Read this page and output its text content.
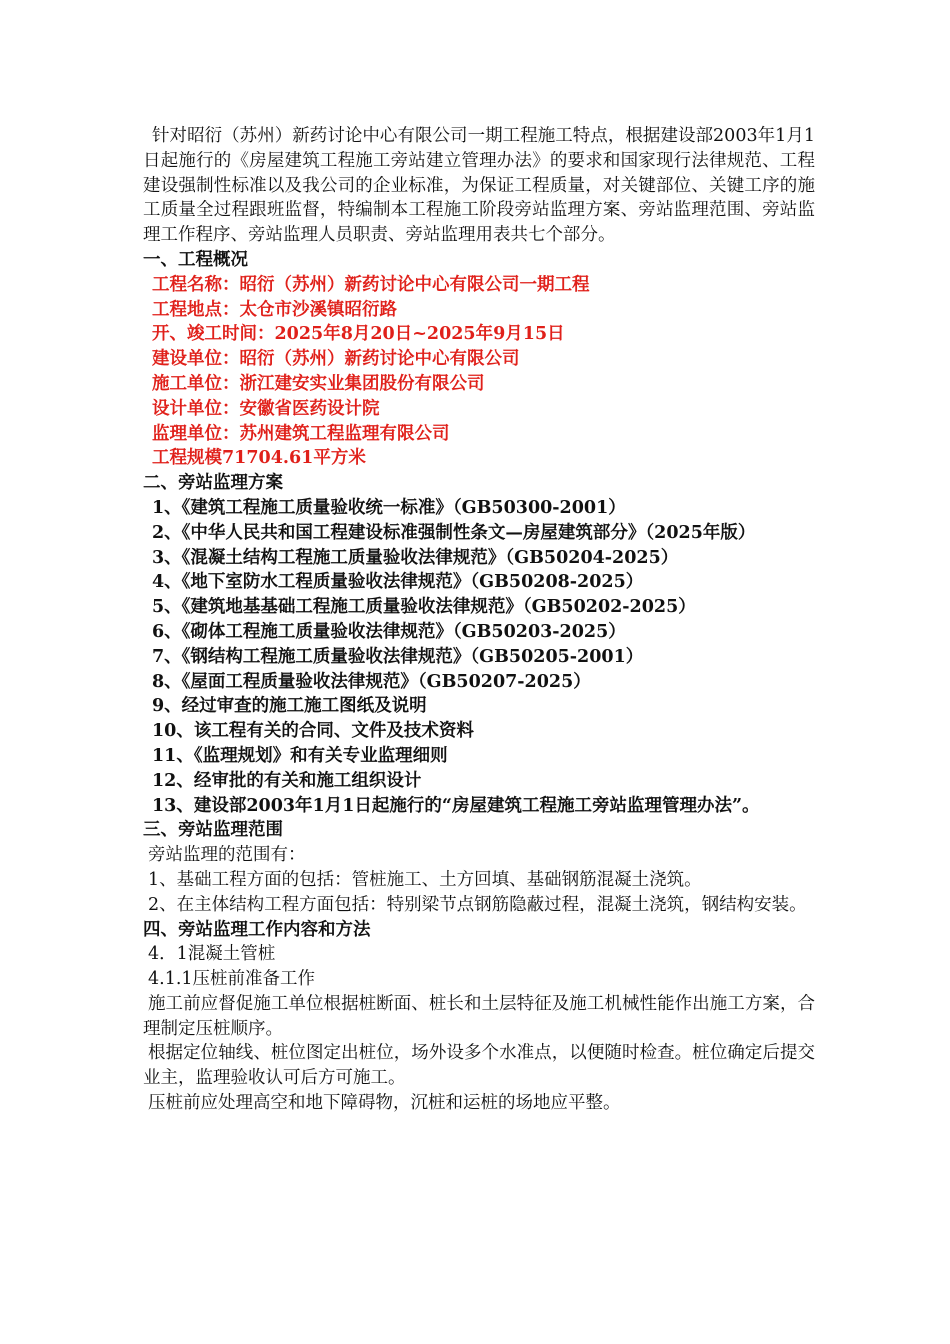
针对昭衍（苏州）新药讨论中心有限公司一期工程施工特点，根据建设部2003年1月1日起施行的《房屋建筑工程施工旁站建立管理办法》的要求和国家现行法律规范、工程建设强制性标准以及我公司的企业标准，为保证工程质量，对关键部位、关键工序的施工质量全过程跟班监督，特编制本工程施工阶段旁站监理方案、旁站监理范围、旁站监理工作程序、旁站监理人员职责、旁站监理用表共七个部分。

一、工程概况

工程名称：昭衍（苏州）新药讨论中心有限公司一期工程

工程地点：太仓市沙溪镇昭衍路

开、竣工时间：2025年8月20日~2025年9月15日

建设单位：昭衍（苏州）新药讨论中心有限公司

施工单位：浙江建安实业集团股份有限公司

设计单位：安徽省医药设计院

监理单位：苏州建筑工程监理有限公司

工程规模71704.61平方米

二、旁站监理方案

1、《建筑工程施工质量验收统一标准》（GB50300-2001）

2、《中华人民共和国工程建设标准强制性条文—房屋建筑部分》（2025年版）

3、《混凝土结构工程施工质量验收法律规范》（GB50204-2025）

4、《地下室防水工程质量验收法律规范》（GB50208-2025）

5、《建筑地基基础工程施工质量验收法律规范》（GB50202-2025）

6、《砌体工程施工质量验收法律规范》（GB50203-2025）

7、《钢结构工程施工质量验收法律规范》（GB50205-2001）

8、《屋面工程质量验收法律规范》（GB50207-2025）

9、经过审查的施工施工图纸及说明

10、该工程有关的合同、文件及技术资料

11、《监理规划》和有关专业监理细则

12、经审批的有关和施工组织设计

13、建设部2003年1月1日起施行的“房屋建筑工程施工旁站监理管理办法”。

三、旁站监理范围

旁站监理的范围有：

1、基础工程方面的包括：管桩施工、土方回填、基础钢筋混凝土浇筑。

2、在主体结构工程方面包括：特别梁节点钢筋隐蔽过程，混凝土浇筑，钢结构安装。

四、旁站监理工作内容和方法

4．1混凝土管桩

4.1.1压桩前准备工作

施工前应督促施工单位根据桩断面、桩长和土层特征及施工机械性能作出施工方案，合理制定压桩顺序。

根据定位轴线、桩位图定出桩位，场外设多个水准点，以便随时检查。桩位确定后提交业主，监理验收认可后方可施工。

压桩前应处理高空和地下障碍物，沉桩和运桩的场地应平整。
